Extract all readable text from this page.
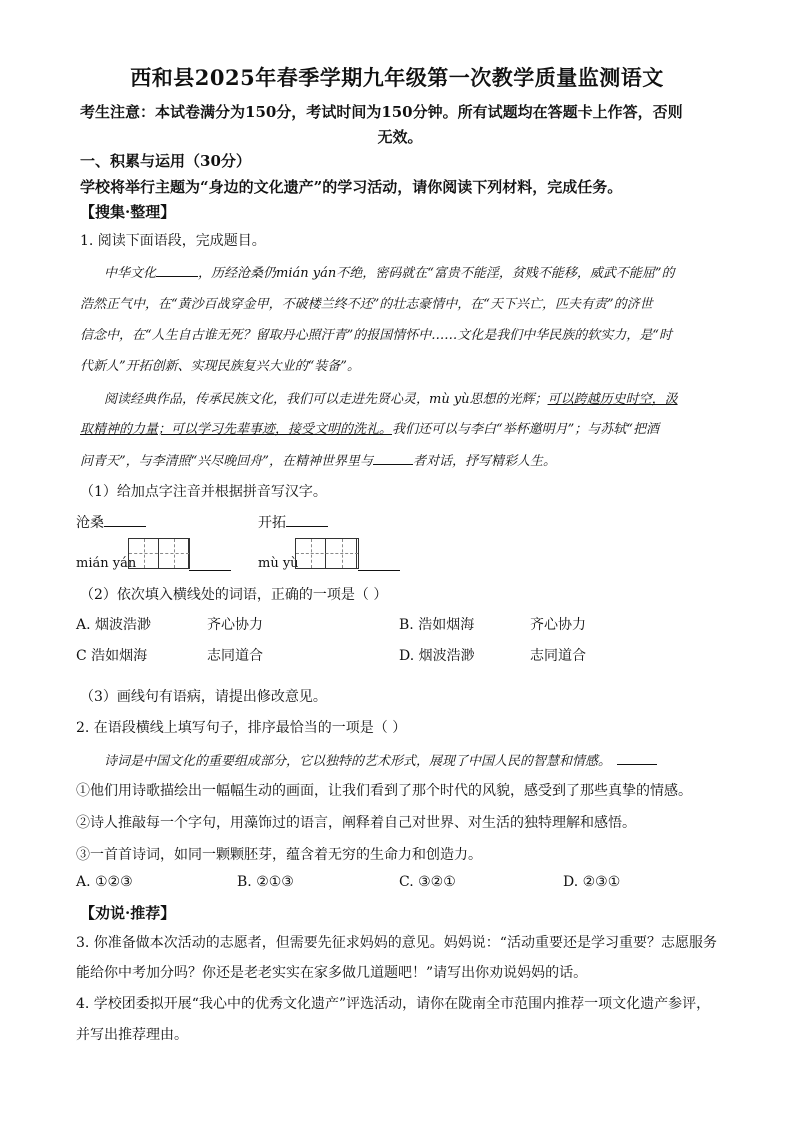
西和县2025年春季学期九年级第一次教学质量监测语文
考生注意：本试卷满分为150分，考试时间为150分钟。所有试题均在答题卡上作答，否则
无效。
一、积累与运用（30分）
学校将举行主题为“身边的文化遗产”的学习活动，请你阅读下列材料，完成任务。
【搜集·整理】
1. 阅读下面语段，完成题目。
中华文化	，历经沧桑仍mián yán不绝，密码就在“富贵不能淫，贫贱不能移，威武不能屈”的
浩然正气中，在“黄沙百战穿金甲，不破楼兰终不还”的壮志豪情中，在“天下兴亡，匹夫有责”的济世
信念中，在“人生自古谁无死？留取丹心照汗青”的报国情怀中……文化是我们中华民族的软实力，是“时
代新人”开拓创新、实现民族复兴大业的“装备”。
阅读经典作品，传承民族文化，我们可以走进先贤心灵，mù yù思想的光辉；可以跨越历史时空，汲
取精神的力量；可以学习先辈事迹，接受文明的洗礼。我们还可以与李白“举杯邀明月”；与苏轼“把酒
问青天”，与李清照“兴尽晚回舟”，在精神世界里与	者对话，抒写精彩人生。
（1）给加点字注音并根据拼音写汉字。
沧桑	开拓
mián yán	mù yù
（2）依次填入横线处的词语，正确的一项是（ ）
A. 烟波浩渺	齐心协力	B. 浩如烟海	齐心协力
C 浩如烟海	志同道合	D. 烟波浩渺	志同道合
（3）画线句有语病，请提出修改意见。
2. 在语段横线上填写句子，排序最恰当的一项是（ ）
诗词是中国文化的重要组成部分，它以独特的艺术形式，展现了中国人民的智慧和情感。
①他们用诗歌描绘出一幅幅生动的画面，让我们看到了那个时代的风貌，感受到了那些真挚的情感。
②诗人推敲每一个字句，用藻饰过的语言，阐释着自己对世界、对生活的独特理解和感悟。
③一首首诗词，如同一颗颗胚芽，蕴含着无穷的生命力和创造力。
A. ①②③	B. ②①③	C. ③②①	D. ②③①
【劝说·推荐】
3. 你准备做本次活动的志愿者，但需要先征求妈妈的意见。妈妈说：“活动重要还是学习重要？志愿服务
能给你中考加分吗？你还是老老实实在家多做几道题吧！”请写出你劝说妈妈的话。
4. 学校团委拟开展“我心中的优秀文化遗产”评选活动，请你在陇南全市范围内推荐一项文化遗产参评，
并写出推荐理由。
